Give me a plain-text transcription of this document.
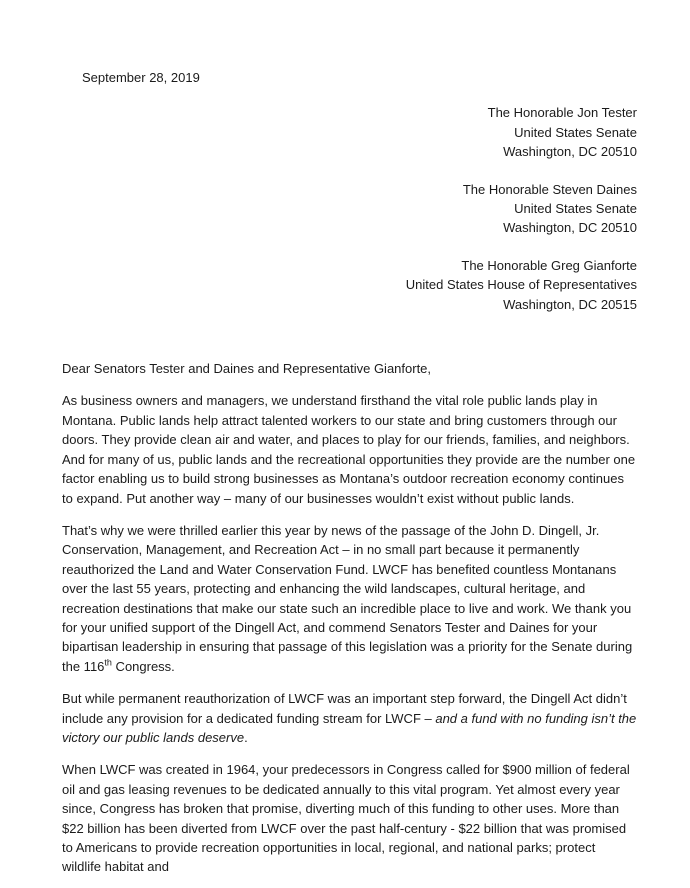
September 28, 2019
The Honorable Jon Tester
United States Senate
Washington, DC 20510
The Honorable Steven Daines
United States Senate
Washington, DC 20510
The Honorable Greg Gianforte
United States House of Representatives
Washington, DC 20515
Dear Senators Tester and Daines and Representative Gianforte,

As business owners and managers, we understand firsthand the vital role public lands play in Montana. Public lands help attract talented workers to our state and bring customers through our doors. They provide clean air and water, and places to play for our friends, families, and neighbors. And for many of us, public lands and the recreational opportunities they provide are the number one factor enabling us to build strong businesses as Montana’s outdoor recreation economy continues to expand. Put another way – many of our businesses wouldn’t exist without public lands.

That’s why we were thrilled earlier this year by news of the passage of the John D. Dingell, Jr. Conservation, Management, and Recreation Act – in no small part because it permanently reauthorized the Land and Water Conservation Fund. LWCF has benefited countless Montanans over the last 55 years, protecting and enhancing the wild landscapes, cultural heritage, and recreation destinations that make our state such an incredible place to live and work. We thank you for your unified support of the Dingell Act, and commend Senators Tester and Daines for your bipartisan leadership in ensuring that passage of this legislation was a priority for the Senate during the 116th Congress.

But while permanent reauthorization of LWCF was an important step forward, the Dingell Act didn’t include any provision for a dedicated funding stream for LWCF – and a fund with no funding isn’t the victory our public lands deserve.

When LWCF was created in 1964, your predecessors in Congress called for $900 million of federal oil and gas leasing revenues to be dedicated annually to this vital program. Yet almost every year since, Congress has broken that promise, diverting much of this funding to other uses. More than $22 billion has been diverted from LWCF over the past half-century - $22 billion that was promised to Americans to provide recreation opportunities in local, regional, and national parks; protect wildlife habitat and
